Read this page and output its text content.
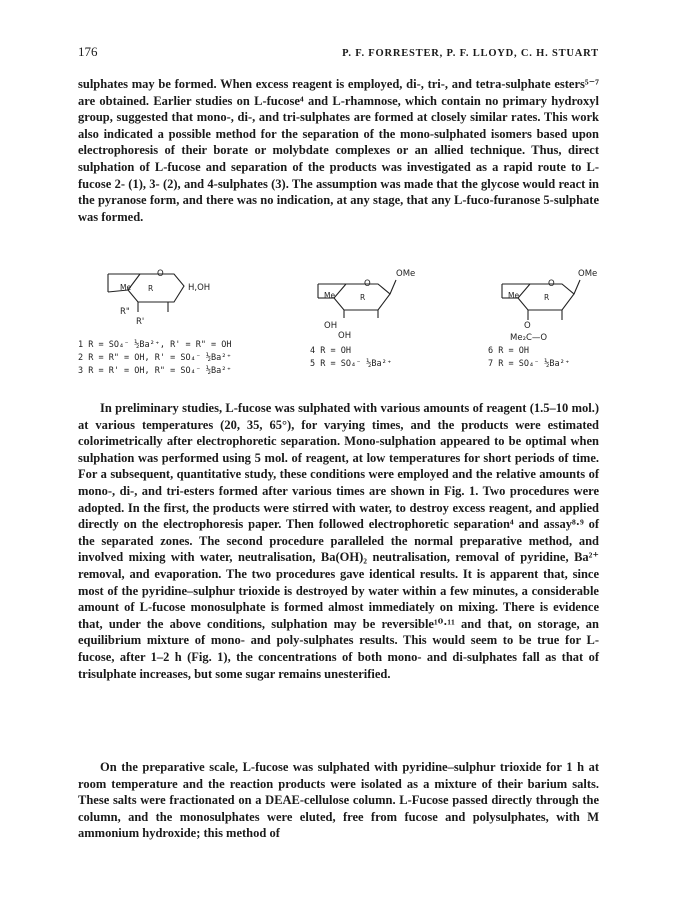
176	P. F. FORRESTER, P. F. LLOYD, C. H. STUART

sulphates may be formed. When excess reagent is employed, di-, tri-, and tetra-sulphate esters⁵⁻⁷ are obtained. Earlier studies on L-fucose⁴ and L-rhamnose, which contain no primary hydroxyl group, suggested that mono-, di-, and tri-sulphates are formed at closely similar rates. This work also indicated a possible method for the separation of the mono-sulphated isomers based upon electrophoresis of their borate or molybdate complexes or an allied technique. Thus, direct sulphation of L-fucose and separation of the products was investigated as a rapid route to L-fucose 2- (1), 3- (2), and 4-sulphates (3). The assumption was made that the glycose would react in the pyranose form, and there was no indication, at any stage, that any L-fuco-furanose 5-sulphate was formed.

O
Me R	H,OH
R"
R'
O
OMe
Me	R
OH
OH
O
OMe
Me	R
O
Me₂C—O
1 R = SO₄⁻ ½Ba²⁺, R' = R" = OH
2 R = R" = OH, R' = SO₄⁻ ½Ba²⁺
3 R = R' = OH, R" = SO₄⁻ ½Ba²⁺
4 R = OH
5 R = SO₄⁻ ½Ba²⁺
6 R = OH
7 R = SO₄⁻ ½Ba²⁺

In preliminary studies, L-fucose was sulphated with various amounts of reagent (1.5–10 mol.) at various temperatures (20, 35, 65°), for varying times, and the products were estimated colorimetrically after electrophoretic separation. Mono-sulphation appeared to be optimal when sulphation was performed using 5 mol. of reagent, at low temperatures for short periods of time. For a subsequent, quantitative study, these conditions were employed and the relative amounts of mono-, di-, and tri-esters formed after various times are shown in Fig. 1. Two procedures were adopted. In the first, the products were stirred with water, to destroy excess reagent, and applied directly on the electrophoresis paper. Then followed electrophoretic separation⁴ and assay⁸·⁹ of the separated zones. The second procedure paralleled the normal preparative method, and involved mixing with water, neutralisation, Ba(OH)₂ neutralisation, removal of pyridine, Ba²⁺ removal, and evaporation. The two procedures gave identical results. It is apparent that, since most of the pyridine–sulphur trioxide is destroyed by water within a few minutes, a considerable amount of L-fucose monosulphate is formed almost immediately on mixing. There is evidence that, under the above conditions, sulphation may be reversible¹⁰·¹¹ and that, on storage, an equilibrium mixture of mono- and poly-sulphates results. This would seem to be true for L-fucose, after 1–2 h (Fig. 1), the concentrations of both mono- and di-sulphates fall as that of trisulphate increases, but some sugar remains unesterified.

On the preparative scale, L-fucose was sulphated with pyridine–sulphur trioxide for 1 h at room temperature and the reaction products were isolated as a mixture of their barium salts. These salts were fractionated on a DEAE-cellulose column. L-Fucose passed directly through the column, and the monosulphates were eluted, free from fucose and polysulphates, with M ammonium hydroxide; this method of
